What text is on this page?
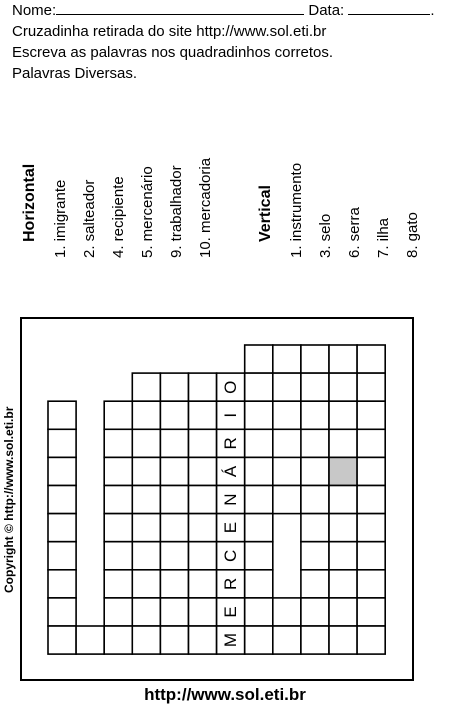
Nome:	Data:	.
Cruzadinha retirada do site http://www.sol.eti.br
Escreva as palavras nos quadradinhos corretos.
Palavras Diversas.
Horizontal 1. imigrante 2. salteador 4. recipiente 5. mercenário 9. trabalhador 10. mercadoria	Vertical 1. instrumento 3. selo 6. serra 7. ilha 8. gato
O
I
R
Á
N
E
C
R
E
M
Copyright © http://www.sol.eti.br
http://www.sol.eti.br
